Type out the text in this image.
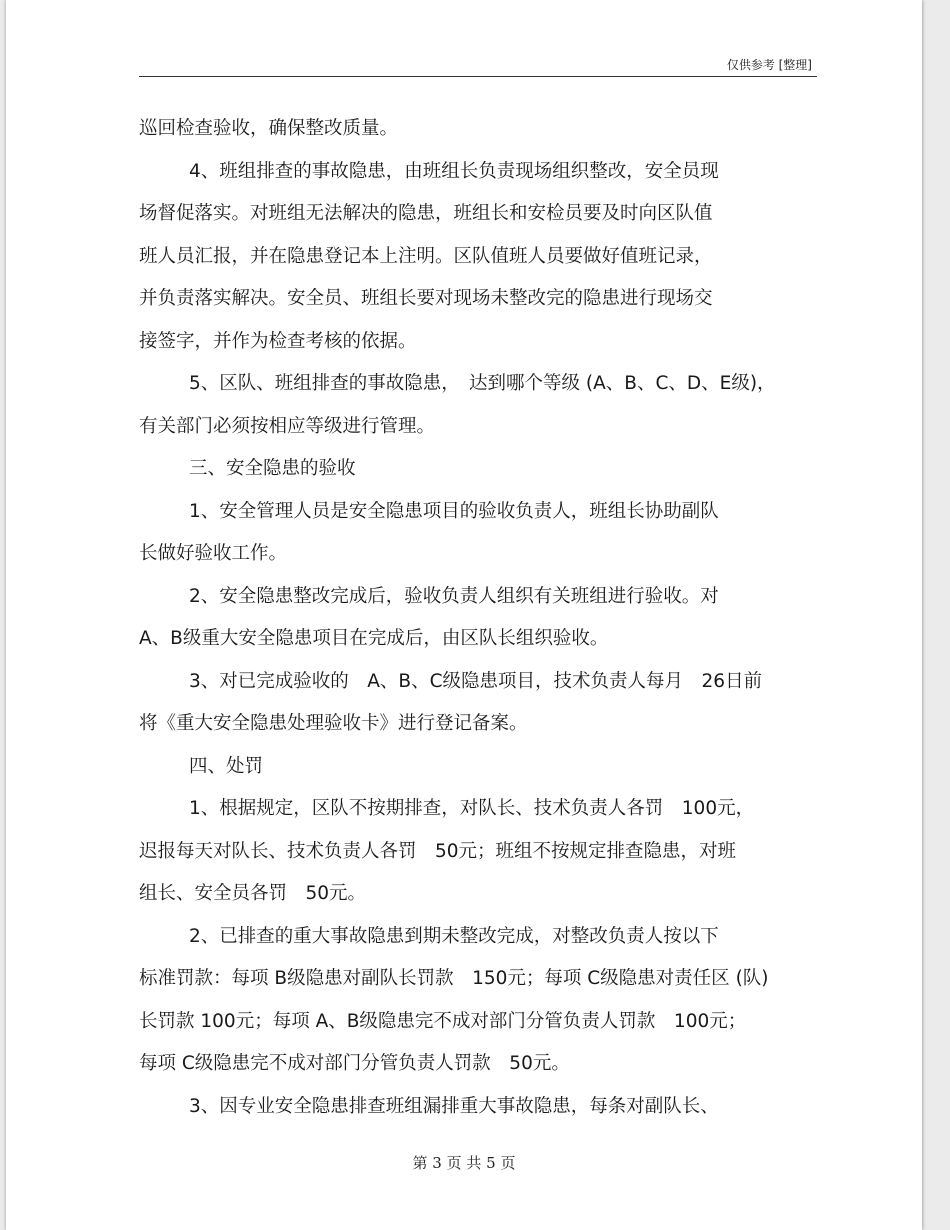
仅供参考 [整理]
巡回检查验收，确保整改质量。
4、班组排查的事故隐患，由班组长负责现场组织整改，安全员现
场督促落实。对班组无法解决的隐患，班组长和安检员要及时向区队值
班人员汇报，并在隐患登记本上注明。区队值班人员要做好值班记录，
并负责落实解决。安全员、班组长要对现场未整改完的隐患进行现场交
接签字，并作为检查考核的依据。
5、区队、班组排查的事故隐患，　达到哪个等级 (A、B、C、D、E级)，
有关部门必须按相应等级进行管理。
三、安全隐患的验收
1、安全管理人员是安全隐患项目的验收负责人，班组长协助副队
长做好验收工作。
2、安全隐患整改完成后，验收负责人组织有关班组进行验收。对
A、B级重大安全隐患项目在完成后，由区队长组织验收。
3、对已完成验收的　A、B、C级隐患项目，技术负责人每月　26日前
将《重大安全隐患处理验收卡》进行登记备案。
四、处罚
1、根据规定，区队不按期排查，对队长、技术负责人各罚　100元，
迟报每天对队长、技术负责人各罚　50元；班组不按规定排查隐患，对班
组长、安全员各罚　50元。
2、已排查的重大事故隐患到期未整改完成，对整改负责人按以下
标准罚款：每项 B级隐患对副队长罚款　150元；每项 C级隐患对责任区 (队)
长罚款 100元；每项 A、B级隐患完不成对部门分管负责人罚款　100元；
每项 C级隐患完不成对部门分管负责人罚款　50元。
3、因专业安全隐患排查班组漏排重大事故隐患，每条对副队长、
第 3 页 共 5 页
